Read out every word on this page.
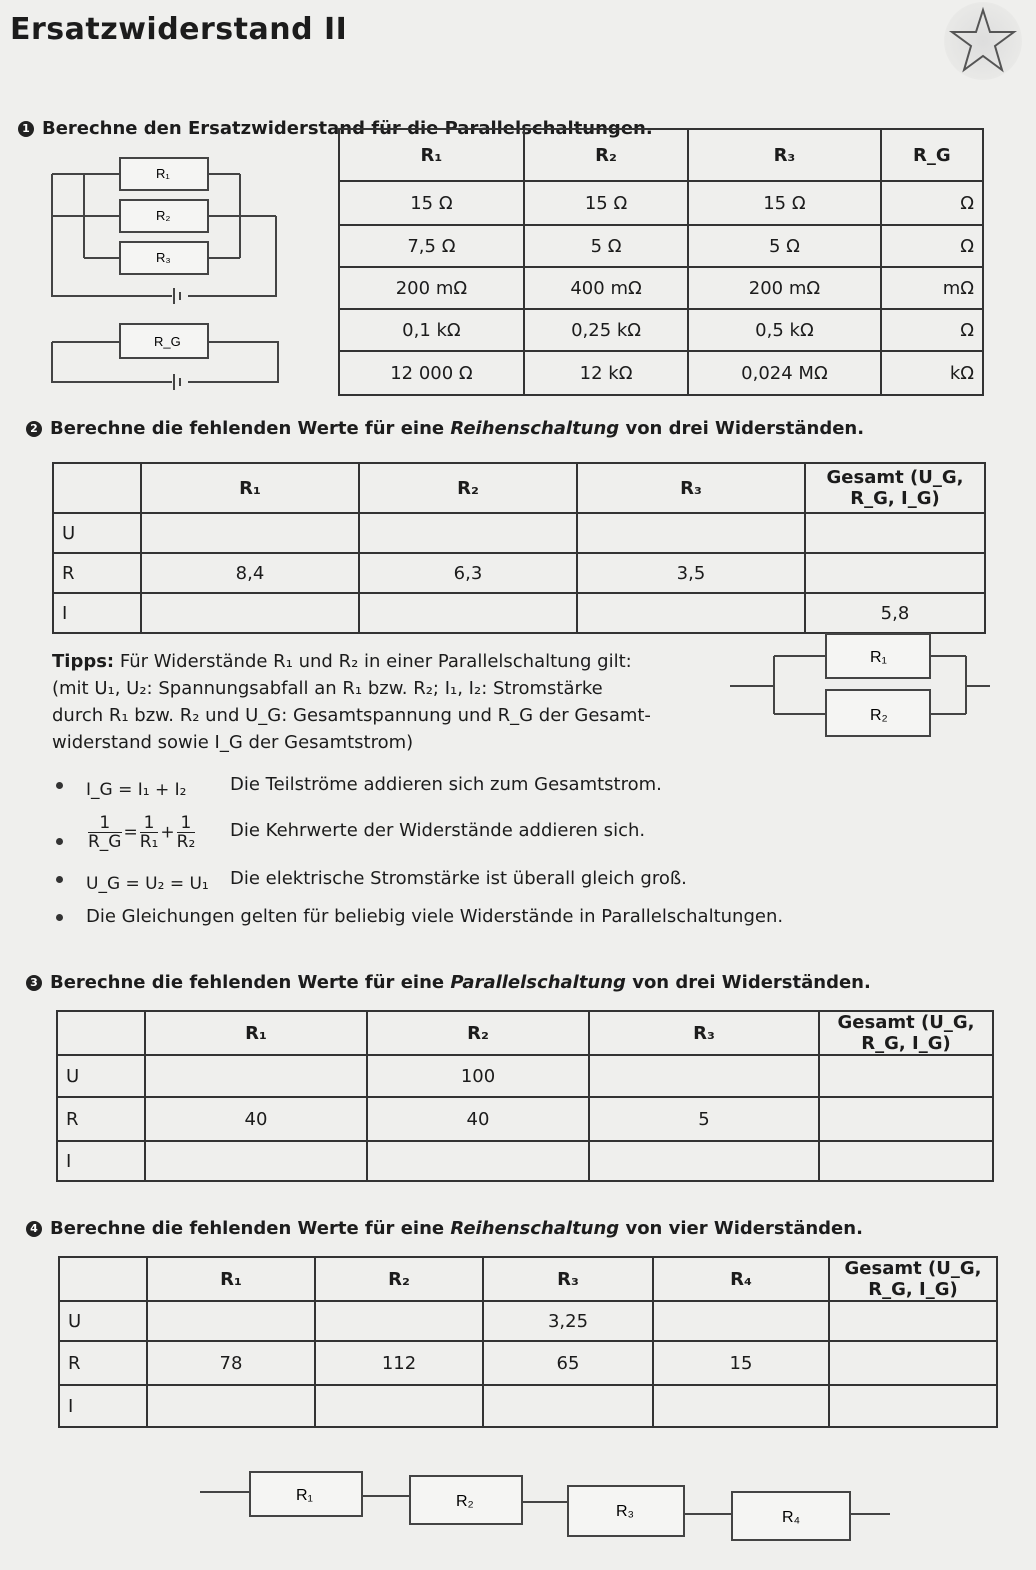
Ersatzwiderstand II
1 Berechne den Ersatzwiderstand für die Parallelschaltungen.
R₁
R₂
R₃
R_G
R₁	R₂	R₃	R_G
15 Ω	15 Ω	15 Ω	Ω
7,5 Ω	5 Ω	5 Ω	Ω
200 mΩ	400 mΩ	200 mΩ	mΩ
0,1 kΩ	0,25 kΩ	0,5 kΩ	Ω
12 000 Ω	12 kΩ	0,024 MΩ	kΩ
2 Berechne die fehlenden Werte für eine Reihenschaltung von drei Widerständen.
	R₁	R₂	R₃	Gesamt (U_G, R_G, I_G)
U				
R	8,4	6,3	3,5	
I				5,8
Tipps: Für Widerstände R₁ und R₂ in einer Parallelschaltung gilt:
(mit U₁, U₂: Spannungsabfall an R₁ bzw. R₂; I₁, I₂: Stromstärke
durch R₁ bzw. R₂ und U_G: Gesamtspannung und R_G der Gesamt-
widerstand sowie I_G der Gesamtstrom)
R₁
R₂
I_G = I₁ + I₂ Die Teilströme addieren sich zum Gesamtstrom.
$\frac{1}{R\_G} = \frac{1}{\text{R₁}} + \frac{1}{\text{R₂}}$ Die Kehrwerte der Widerstände addieren sich.
U_G = U₂ = U₁ Die elektrische Stromstärke ist überall gleich groß.
Die Gleichungen gelten für beliebig viele Widerstände in Parallelschaltungen.
3 Berechne die fehlenden Werte für eine Parallelschaltung von drei Widerständen.
	R₁	R₂	R₃	Gesamt (U_G, R_G, I_G)
U		100		
R	40	40	5	
I				
4 Berechne die fehlenden Werte für eine Reihenschaltung von vier Widerständen.
	R₁	R₂	R₃	R₄	Gesamt (U_G, R_G, I_G)
U			3,25		
R	78	112	65	15	
I					
R₁	R₂
R₃	R₄
